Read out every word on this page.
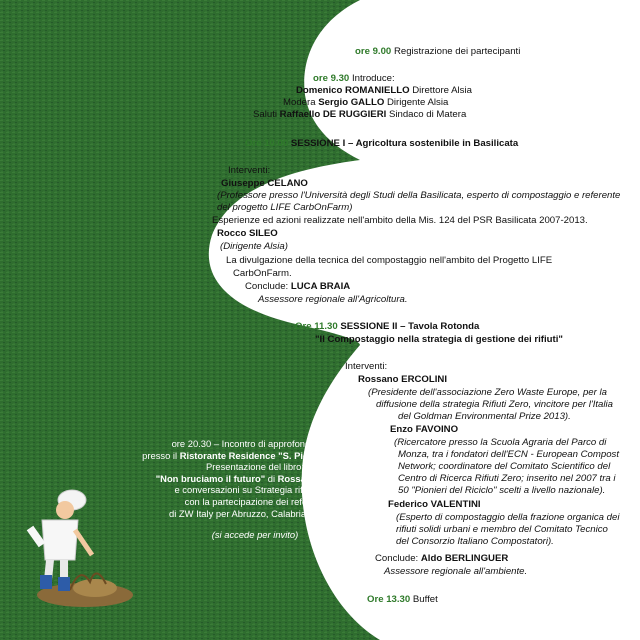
ore 9.00 Registrazione dei partecipanti
ore 9.30 Introduce:
Domenico ROMANIELLO Direttore Alsia
Modera Sergio GALLO Dirigente Alsia
Saluti Raffaello DE RUGGIERI Sindaco di Matera
Ore 10.00 SESSIONE I – Agricoltura sostenibile in Basilicata
Interventi:
Giuseppe CELANO
(Professore presso l'Università degli Studi della Basilicata, esperto di compostaggio e referente
del progetto LIFE CarbOnFarm)
Esperienze ed azioni realizzate nell'ambito della Mis. 124 del PSR Basilicata 2007-2013.
Rocco SILEO
(Dirigente Alsia)
La divulgazione della tecnica del compostaggio nell'ambito del Progetto LIFE
CarbOnFarm.
Conclude: LUCA BRAIA
Assessore regionale all'Agricoltura.
Ore 11.30 SESSIONE II – Tavola Rotonda
"Il Compostaggio nella strategia di gestione dei rifiuti"
Interventi:
Rossano ERCOLINI
(Presidente dell'associazione Zero Waste Europe, per la
diffusione della strategia Rifiuti Zero, vincitore per l'Italia
del Goldman Environmental Prize 2013).
Enzo FAVOINO
(Ricercatore presso la Scuola Agraria del Parco di
Monza, tra i fondatori dell'ECN - European Compost
Network; coordinatore del Comitato Scientifico del
Centro di Ricerca Rifiuti Zero; inserito nel 2007 tra i
50 "Pionieri del Riciclo" scelti a livello nazionale).
Federico VALENTINI
(Esperto di compostaggio della frazione organica dei
rifiuti solidi urbani e membro del Comitato Tecnico
del Consorzio Italiano Compostatori).
Conclude: Aldo BERLINGUER
Assessore regionale all'ambiente.
Ore 13.30 Buffet
ore 20.30 – Incontro di approfondimento
presso il Ristorante Residence "S. Pietro Barisano"
Presentazione del libro:
"Non bruciamo il futuro" di Rossano Ercolini
e conversazioni su Strategia rifiuti zero
con la partecipazione dei referenti
di ZW Italy per Abruzzo, Calabria e Sicilia
(si accede per invito)
